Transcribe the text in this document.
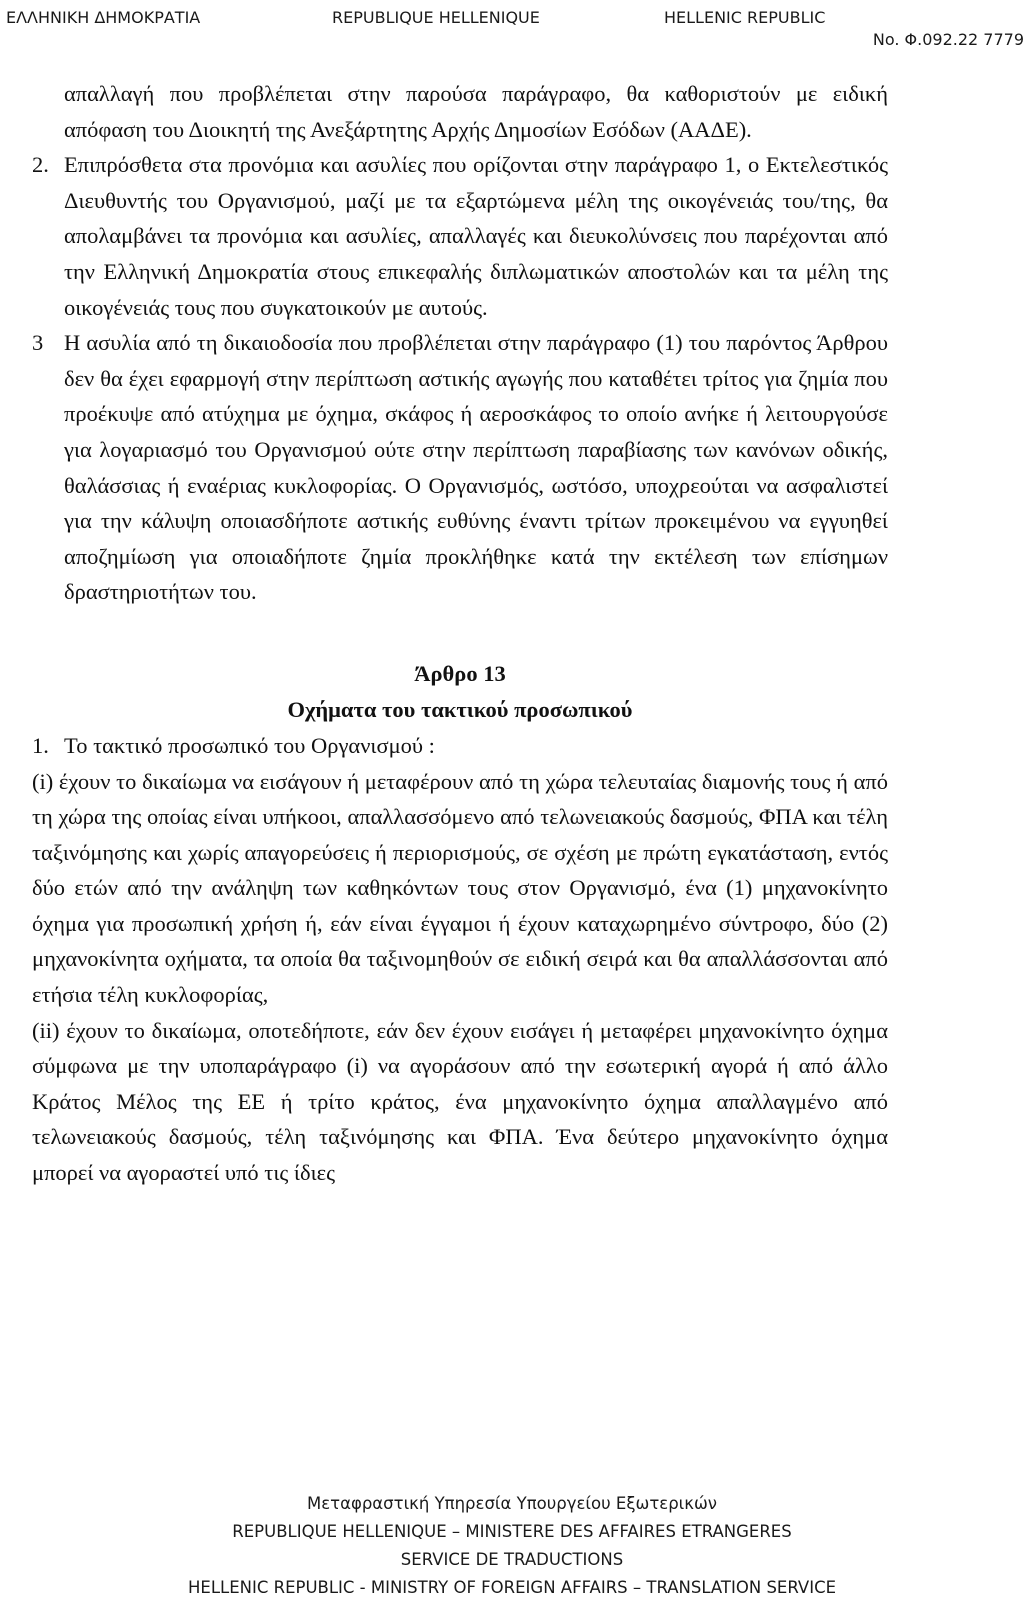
ΕΛΛΗΝΙΚΗ ΔΗΜΟΚΡΑΤΙΑ	REPUBLIQUE HELLENIQUE	HELLENIC REPUBLIC
No. Φ.092.22 7779

απαλλαγή που προβλέπεται στην παρούσα παράγραφο, θα καθοριστούν με ειδική απόφαση του Διοικητή της Ανεξάρτητης Αρχής Δημοσίων Εσόδων (ΑΑΔΕ).

2. Επιπρόσθετα στα προνόμια και ασυλίες που ορίζονται στην παράγραφο 1, ο Εκτελεστικός Διευθυντής του Οργανισμού, μαζί με τα εξαρτώμενα μέλη της οικογένειάς του/της, θα απολαμβάνει τα προνόμια και ασυλίες, απαλλαγές και διευκολύνσεις που παρέχονται από την Ελληνική Δημοκρατία στους επικεφαλής διπλωματικών αποστολών και τα μέλη της οικογένειάς τους που συγκατοικούν με αυτούς.

3 Η ασυλία από τη δικαιοδοσία που προβλέπεται στην παράγραφο (1) του παρόντος Άρθρου δεν θα έχει εφαρμογή στην περίπτωση αστικής αγωγής που καταθέτει τρίτος για ζημία που προέκυψε από ατύχημα με όχημα, σκάφος ή αεροσκάφος το οποίο ανήκε ή λειτουργούσε για λογαριασμό του Οργανισμού ούτε στην περίπτωση παραβίασης των κανόνων οδικής, θαλάσσιας ή εναέριας κυκλοφορίας. Ο Οργανισμός, ωστόσο, υποχρεούται να ασφαλιστεί για την κάλυψη οποιασδήποτε αστικής ευθύνης έναντι τρίτων προκειμένου να εγγυηθεί αποζημίωση για οποιαδήποτε ζημία προκλήθηκε κατά την εκτέλεση των επίσημων δραστηριοτήτων του.

Άρθρο 13
Οχήματα του τακτικού προσωπικού
1. Το τακτικό προσωπικό του Οργανισμού :

(i) έχουν το δικαίωμα να εισάγουν ή μεταφέρουν από τη χώρα τελευταίας διαμονής τους ή από τη χώρα της οποίας είναι υπήκοοι, απαλλασσόμενο από τελωνειακούς δασμούς, ΦΠΑ και τέλη ταξινόμησης και χωρίς απαγορεύσεις ή περιορισμούς, σε σχέση με πρώτη εγκατάσταση, εντός δύο ετών από την ανάληψη των καθηκόντων τους στον Οργανισμό, ένα (1) μηχανοκίνητο όχημα για προσωπική χρήση ή, εάν είναι έγγαμοι ή έχουν καταχωρημένο σύντροφο, δύο (2) μηχανοκίνητα οχήματα, τα οποία θα ταξινομηθούν σε ειδική σειρά και θα απαλλάσσονται από ετήσια τέλη κυκλοφορίας,

(ii) έχουν το δικαίωμα, οποτεδήποτε, εάν δεν έχουν εισάγει ή μεταφέρει μηχανοκίνητο όχημα σύμφωνα με την υποπαράγραφο (i) να αγοράσουν από την εσωτερική αγορά ή από άλλο Κράτος Μέλος της ΕΕ ή τρίτο κράτος, ένα μηχανοκίνητο όχημα απαλλαγμένο από τελωνειακούς δασμούς, τέλη ταξινόμησης και ΦΠΑ. Ένα δεύτερο μηχανοκίνητο όχημα μπορεί να αγοραστεί υπό τις ίδιες

Μεταφραστική Υπηρεσία Υπουργείου Εξωτερικών
REPUBLIQUE HELLENIQUE – MINISTERE DES AFFAIRES ETRANGERES
SERVICE DE TRADUCTIONS
HELLENIC REPUBLIC - MINISTRY OF FOREIGN AFFAIRS – TRANSLATION SERVICE
